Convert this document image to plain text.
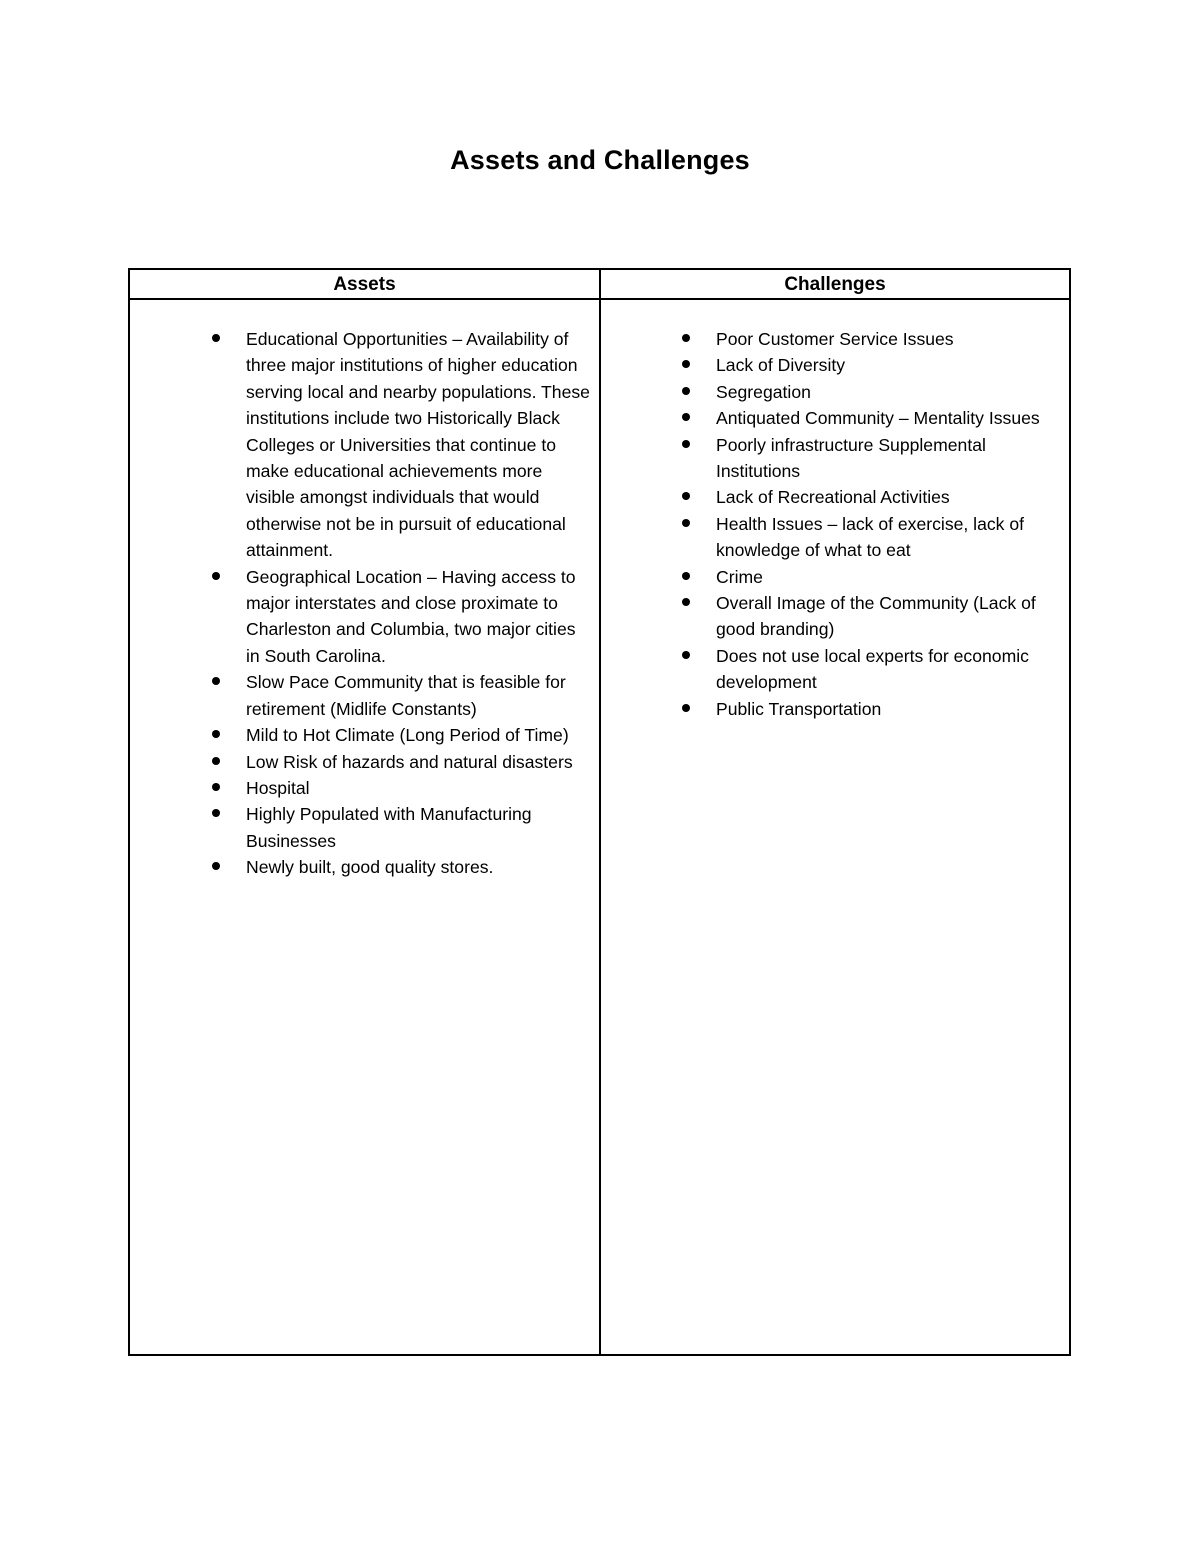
Assets and Challenges
Assets	Challenges
Educational Opportunities – Availability of three major institutions of higher education serving local and nearby populations. These institutions include two Historically Black Colleges or Universities that continue to make educational achievements more visible amongst individuals that would otherwise not be in pursuit of educational attainment.
Geographical Location – Having access to major interstates and close proximate to Charleston and Columbia, two major cities in South Carolina.
Slow Pace Community that is feasible for retirement (Midlife Constants)
Mild to Hot Climate (Long Period of Time)
Low Risk of hazards and natural disasters
Hospital
Highly Populated with Manufacturing Businesses
Newly built, good quality stores.
Poor Customer Service Issues
Lack of Diversity
Segregation
Antiquated Community – Mentality Issues
Poorly infrastructure Supplemental Institutions
Lack of Recreational Activities
Health Issues – lack of exercise, lack of knowledge of what to eat
Crime
Overall Image of the Community (Lack of good branding)
Does not use local experts for economic development
Public Transportation
